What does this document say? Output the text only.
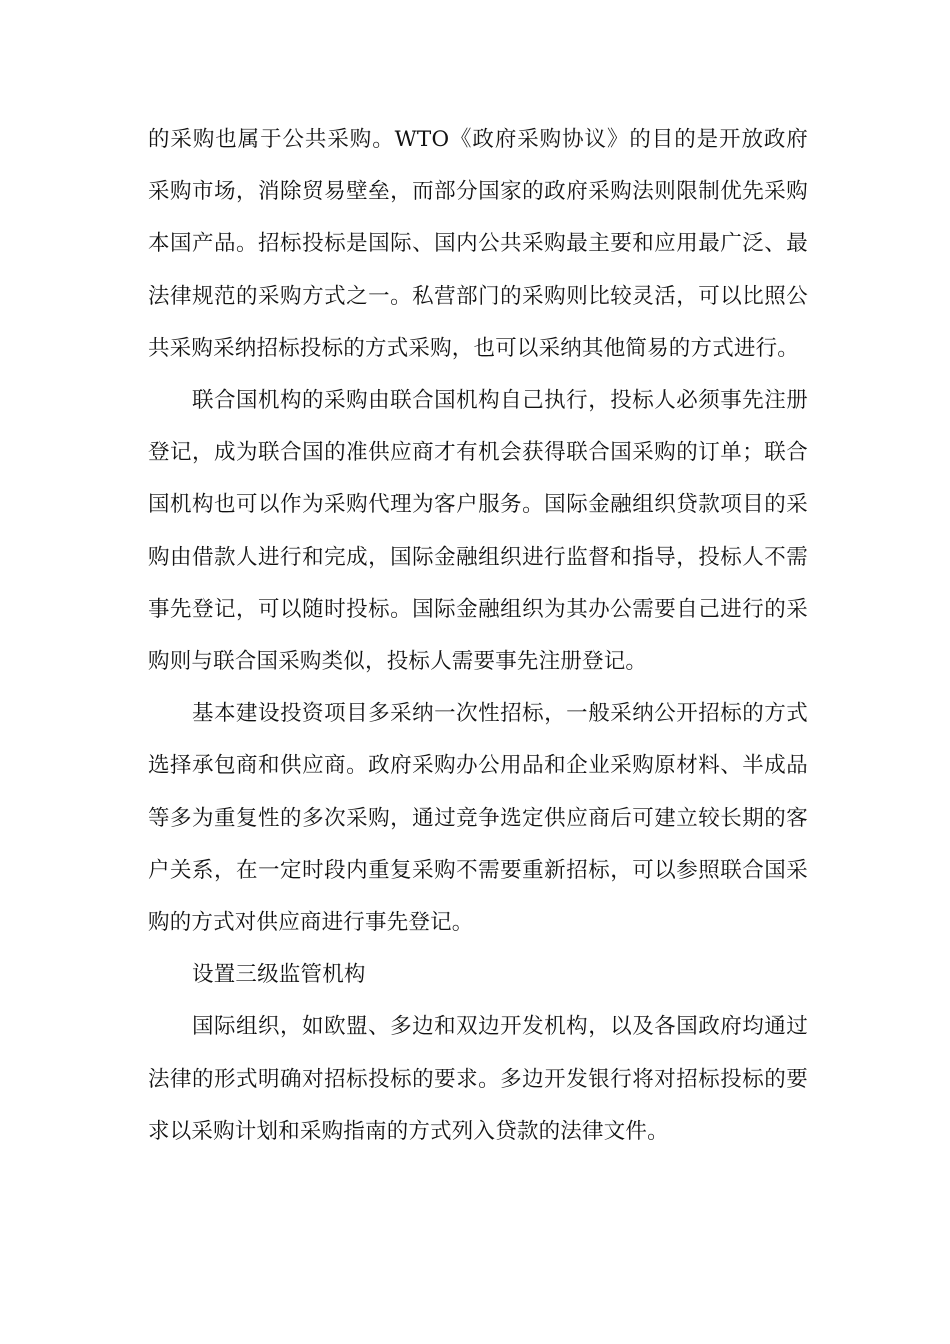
的采购也属于公共采购。WTO《政府采购协议》的目的是开放政府采购市场，消除贸易壁垒，而部分国家的政府采购法则限制优先采购本国产品。招标投标是国际、国内公共采购最主要和应用最广泛、最法律规范的采购方式之一。私营部门的采购则比较灵活，可以比照公共采购采纳招标投标的方式采购，也可以采纳其他简易的方式进行。

联合国机构的采购由联合国机构自己执行，投标人必须事先注册登记，成为联合国的准供应商才有机会获得联合国采购的订单；联合国机构也可以作为采购代理为客户服务。国际金融组织贷款项目的采购由借款人进行和完成，国际金融组织进行监督和指导，投标人不需事先登记，可以随时投标。国际金融组织为其办公需要自己进行的采购则与联合国采购类似，投标人需要事先注册登记。

基本建设投资项目多采纳一次性招标，一般采纳公开招标的方式选择承包商和供应商。政府采购办公用品和企业采购原材料、半成品等多为重复性的多次采购，通过竞争选定供应商后可建立较长期的客户关系，在一定时段内重复采购不需要重新招标，可以参照联合国采购的方式对供应商进行事先登记。

设置三级监管机构

国际组织，如欧盟、多边和双边开发机构，以及各国政府均通过法律的形式明确对招标投标的要求。多边开发银行将对招标投标的要求以采购计划和采购指南的方式列入贷款的法律文件。
